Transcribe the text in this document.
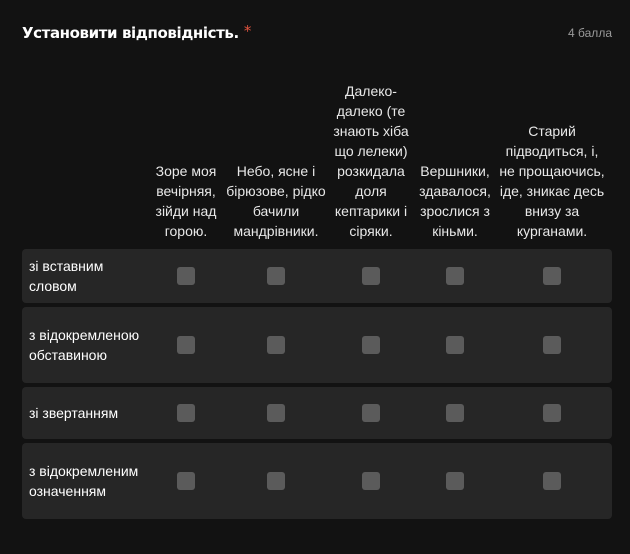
Установити відповідність. *	4 балла
Зоре моя вечірняя, зійди над горою.
Небо, ясне і бірюзове, рідко бачили мандрівники.
Далеко-далеко (те знають хіба що лелеки) розкидала доля кептарики і сіряки.
Вершники, здавалося, зрослися з кіньми.
Старий підводиться, і, не прощаючись, іде, зникає десь внизу за курганами.
зі вставним словом
з відокремленою обставиною
зі звертанням
з відокремленим означенням
